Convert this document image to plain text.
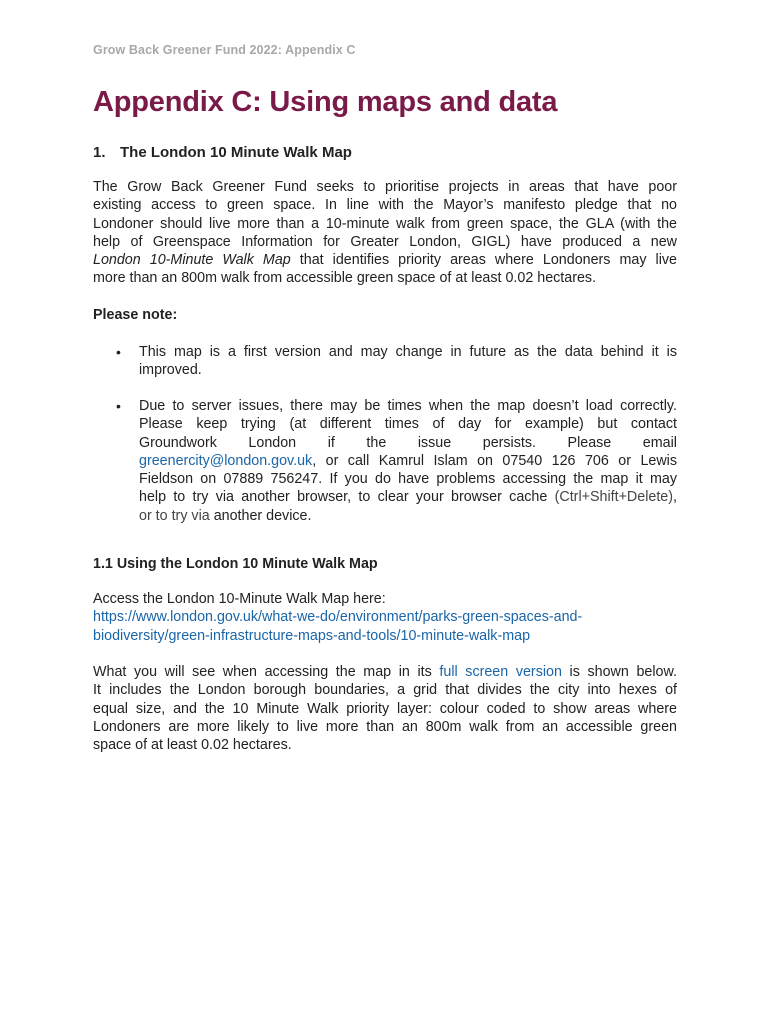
Grow Back Greener Fund 2022: Appendix C
Appendix C: Using maps and data
1. The London 10 Minute Walk Map
The Grow Back Greener Fund seeks to prioritise projects in areas that have poor
existing access to green space. In line with the Mayor’s manifesto pledge that no
Londoner should live more than a 10-minute walk from green space, the GLA (with the
help of Greenspace Information for Greater London, GIGL) have produced a new
London 10-Minute Walk Map that identifies priority areas where Londoners may live
more than an 800m walk from accessible green space of at least 0.02 hectares.
Please note:
•	This map is a first version and may change in future as the data behind it is
improved.
•	Due to server issues, there may be times when the map doesn’t load correctly.
Please keep trying (at different times of day for example) but contact
Groundwork London if the issue persists. Please email
greenercity@london.gov.uk, or call Kamrul Islam on 07540 126 706 or Lewis
Fieldson on 07889 756247. If you do have problems accessing the map it may
help to try via another browser, to clear your browser cache (Ctrl+Shift+Delete),
or to try via another device.
1.1 Using the London 10 Minute Walk Map
Access the London 10-Minute Walk Map here:
https://www.london.gov.uk/what-we-do/environment/parks-green-spaces-and-
biodiversity/green-infrastructure-maps-and-tools/10-minute-walk-map
What you will see when accessing the map in its full screen version is shown below.
It includes the London borough boundaries, a grid that divides the city into hexes of
equal size, and the 10 Minute Walk priority layer: colour coded to show areas where
Londoners are more likely to live more than an 800m walk from an accessible green
space of at least 0.02 hectares.
